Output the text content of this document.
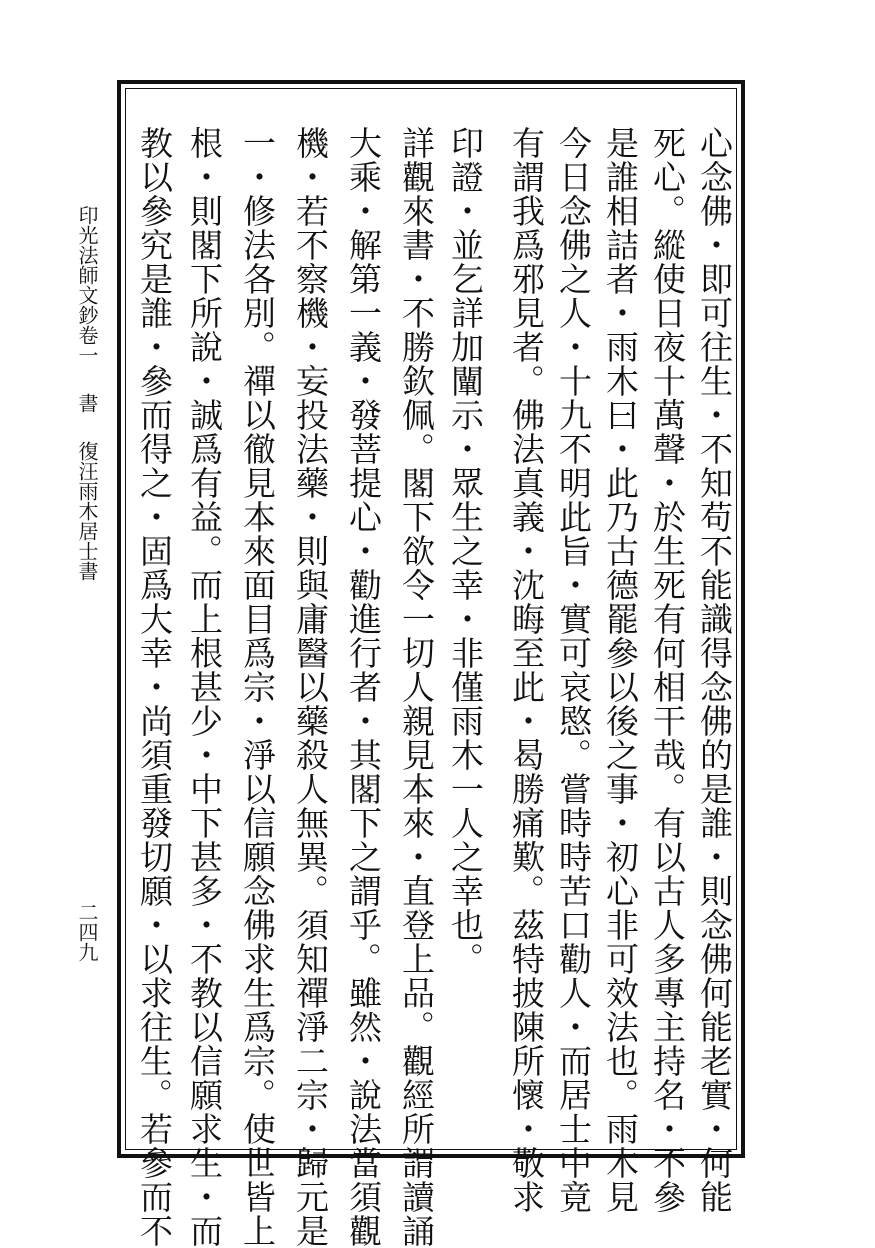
心念佛・即可往生・不知苟不能識得念佛的是誰・則念佛何能老實・何能
死心。縱使日夜十萬聲・於生死有何相干哉。有以古人多專主持名・不參
是誰相詰者・雨木曰・此乃古德罷參以後之事・初心非可效法也。雨木見
今日念佛之人・十九不明此旨・實可哀愍。嘗時時苦口勸人・而居士中竟
有謂我爲邪見者。佛法真義・沈晦至此・曷勝痛歎。茲特披陳所懷・敬求
印證・並乞詳加闡示・眾生之幸・非僅雨木一人之幸也。
詳觀來書・不勝欽佩。閣下欲令一切人親見本來・直登上品。觀經所謂讀誦
大乘・解第一義・發菩提心・勸進行者・其閣下之謂乎。雖然・說法當須觀
機・若不察機・妄投法藥・則與庸醫以藥殺人無異。須知禪淨二宗・歸元是
一・修法各別。禪以徹見本來面目爲宗・淨以信願念佛求生爲宗。使世皆上
根・則閣下所說・誠爲有益。而上根甚少・中下甚多・不教以信願求生・而
教以參究是誰・參而得之・固爲大幸・尚須重發切願・以求往生。若參而不
印光法師文鈔卷一書復汪雨木居士書
二四九
